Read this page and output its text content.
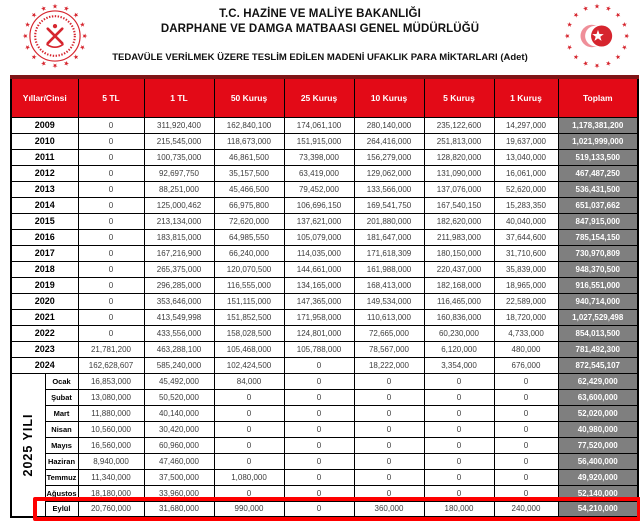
T.C. HAZİNE VE MALİYE BAKANLIĞI
DARPHANE VE DAMGA MATBAASI GENEL MÜDÜRLÜĞÜ
TEDAVÜLE VERİLMEK ÜZERE TESLİM EDİLEN MADENİ UFAKLIK PARA MİKTARLARI (Adet)
Yıllar/Cinsi		5 TL	1 TL	50 Kuruş	25 Kuruş	10 Kuruş	5 Kuruş	1 Kuruş	Toplam
2009		0	311,920,400	162,840,100	174,061,100	280,140,000	235,122,600	14,297,000	1,178,381,200
2010		0	215,545,000	118,673,000	151,915,000	264,416,000	251,813,000	19,637,000	1,021,999,000
2011		0	100,735,000	46,861,500	73,398,000	156,279,000	128,820,000	13,040,000	519,133,500
2012		0	92,697,750	35,157,500	63,419,000	129,062,000	131,090,000	16,061,000	467,487,250
2013		0	88,251,000	45,466,500	79,452,000	133,566,000	137,076,000	52,620,000	536,431,500
2014		0	125,000,462	66,975,800	106,696,150	169,541,750	167,540,150	15,283,350	651,037,662
2015		0	213,134,000	72,620,000	137,621,000	201,880,000	182,620,000	40,040,000	847,915,000
2016		0	183,815,000	64,985,550	105,079,000	181,647,000	211,983,000	37,644,600	785,154,150
2017		0	167,216,900	66,240,000	114,035,000	171,618,309	180,150,000	31,710,600	730,970,809
2018		0	265,375,000	120,070,500	144,661,000	161,988,000	220,437,000	35,839,000	948,370,500
2019		0	296,285,000	116,555,000	134,165,000	168,413,000	182,168,000	18,965,000	916,551,000
2020		0	353,646,000	151,115,000	147,365,000	149,534,000	116,465,000	22,589,000	940,714,000
2021		0	413,549,998	151,852,500	171,958,000	110,613,000	160,836,000	18,720,000	1,027,529,498
2022		0	433,556,000	158,028,500	124,801,000	72,665,000	60,230,000	4,733,000	854,013,500
2023		21,781,200	463,288,100	105,468,000	105,788,000	78,567,000	6,120,000	480,000	781,492,300
2024		162,628,607	585,240,000	102,424,500	0	18,222,000	3,354,000	676,000	872,545,107

2025 YILI	Ocak	16,853,000	45,492,000	84,000	0	0	0	0	62,429,000
	Şubat	13,080,000	50,520,000	0	0	0	0	0	63,600,000
	Mart	11,880,000	40,140,000	0	0	0	0	0	52,020,000
	Nisan	10,560,000	30,420,000	0	0	0	0	0	40,980,000
	Mayıs	16,560,000	60,960,000	0	0	0	0	0	77,520,000
	Haziran	8,940,000	47,460,000	0	0	0	0	0	56,400,000
	Temmuz	11,340,000	37,500,000	1,080,000	0	0	0	0	49,920,000
	Ağustos	18,180,000	33,960,000	0	0	0	0	0	52,140,000
	Eylül	20,760,000	31,680,000	990,000	0	360,000	180,000	240,000	54,210,000
